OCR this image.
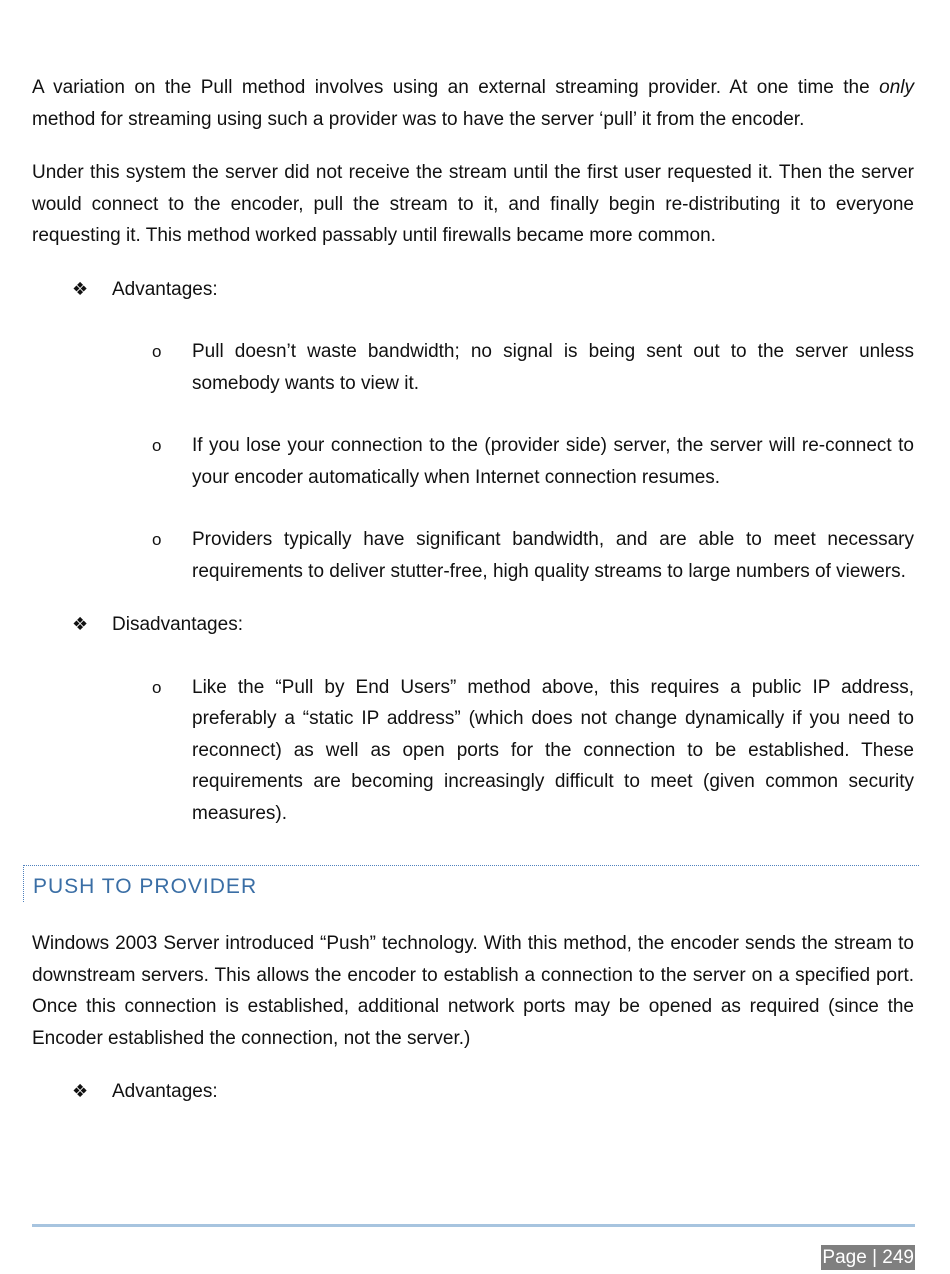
A variation on the Pull method involves using an external streaming provider. At one time the only method for streaming using such a provider was to have the server ‘pull’ it from the encoder.

Under this system the server did not receive the stream until the first user requested it. Then the server would connect to the encoder, pull the stream to it, and finally begin re-distributing it to everyone requesting it. This method worked passably until firewalls became more common.

❖ Advantages:
o Pull doesn’t waste bandwidth; no signal is being sent out to the server unless somebody wants to view it.
o If you lose your connection to the (provider side) server, the server will re-connect to your encoder automatically when Internet connection resumes.
o Providers typically have significant bandwidth, and are able to meet necessary requirements to deliver stutter-free, high quality streams to large numbers of viewers.
❖ Disadvantages:
o Like the “Pull by End Users” method above, this requires a public IP address, preferably a “static IP address” (which does not change dynamically if you need to reconnect) as well as open ports for the connection to be established. These requirements are becoming increasingly difficult to meet (given common security measures).
PUSH TO PROVIDER

Windows 2003 Server introduced “Push” technology. With this method, the encoder sends the stream to downstream servers. This allows the encoder to establish a connection to the server on a specified port. Once this connection is established, additional network ports may be opened as required (since the Encoder established the connection, not the server.)

❖ Advantages:
Page | 249
